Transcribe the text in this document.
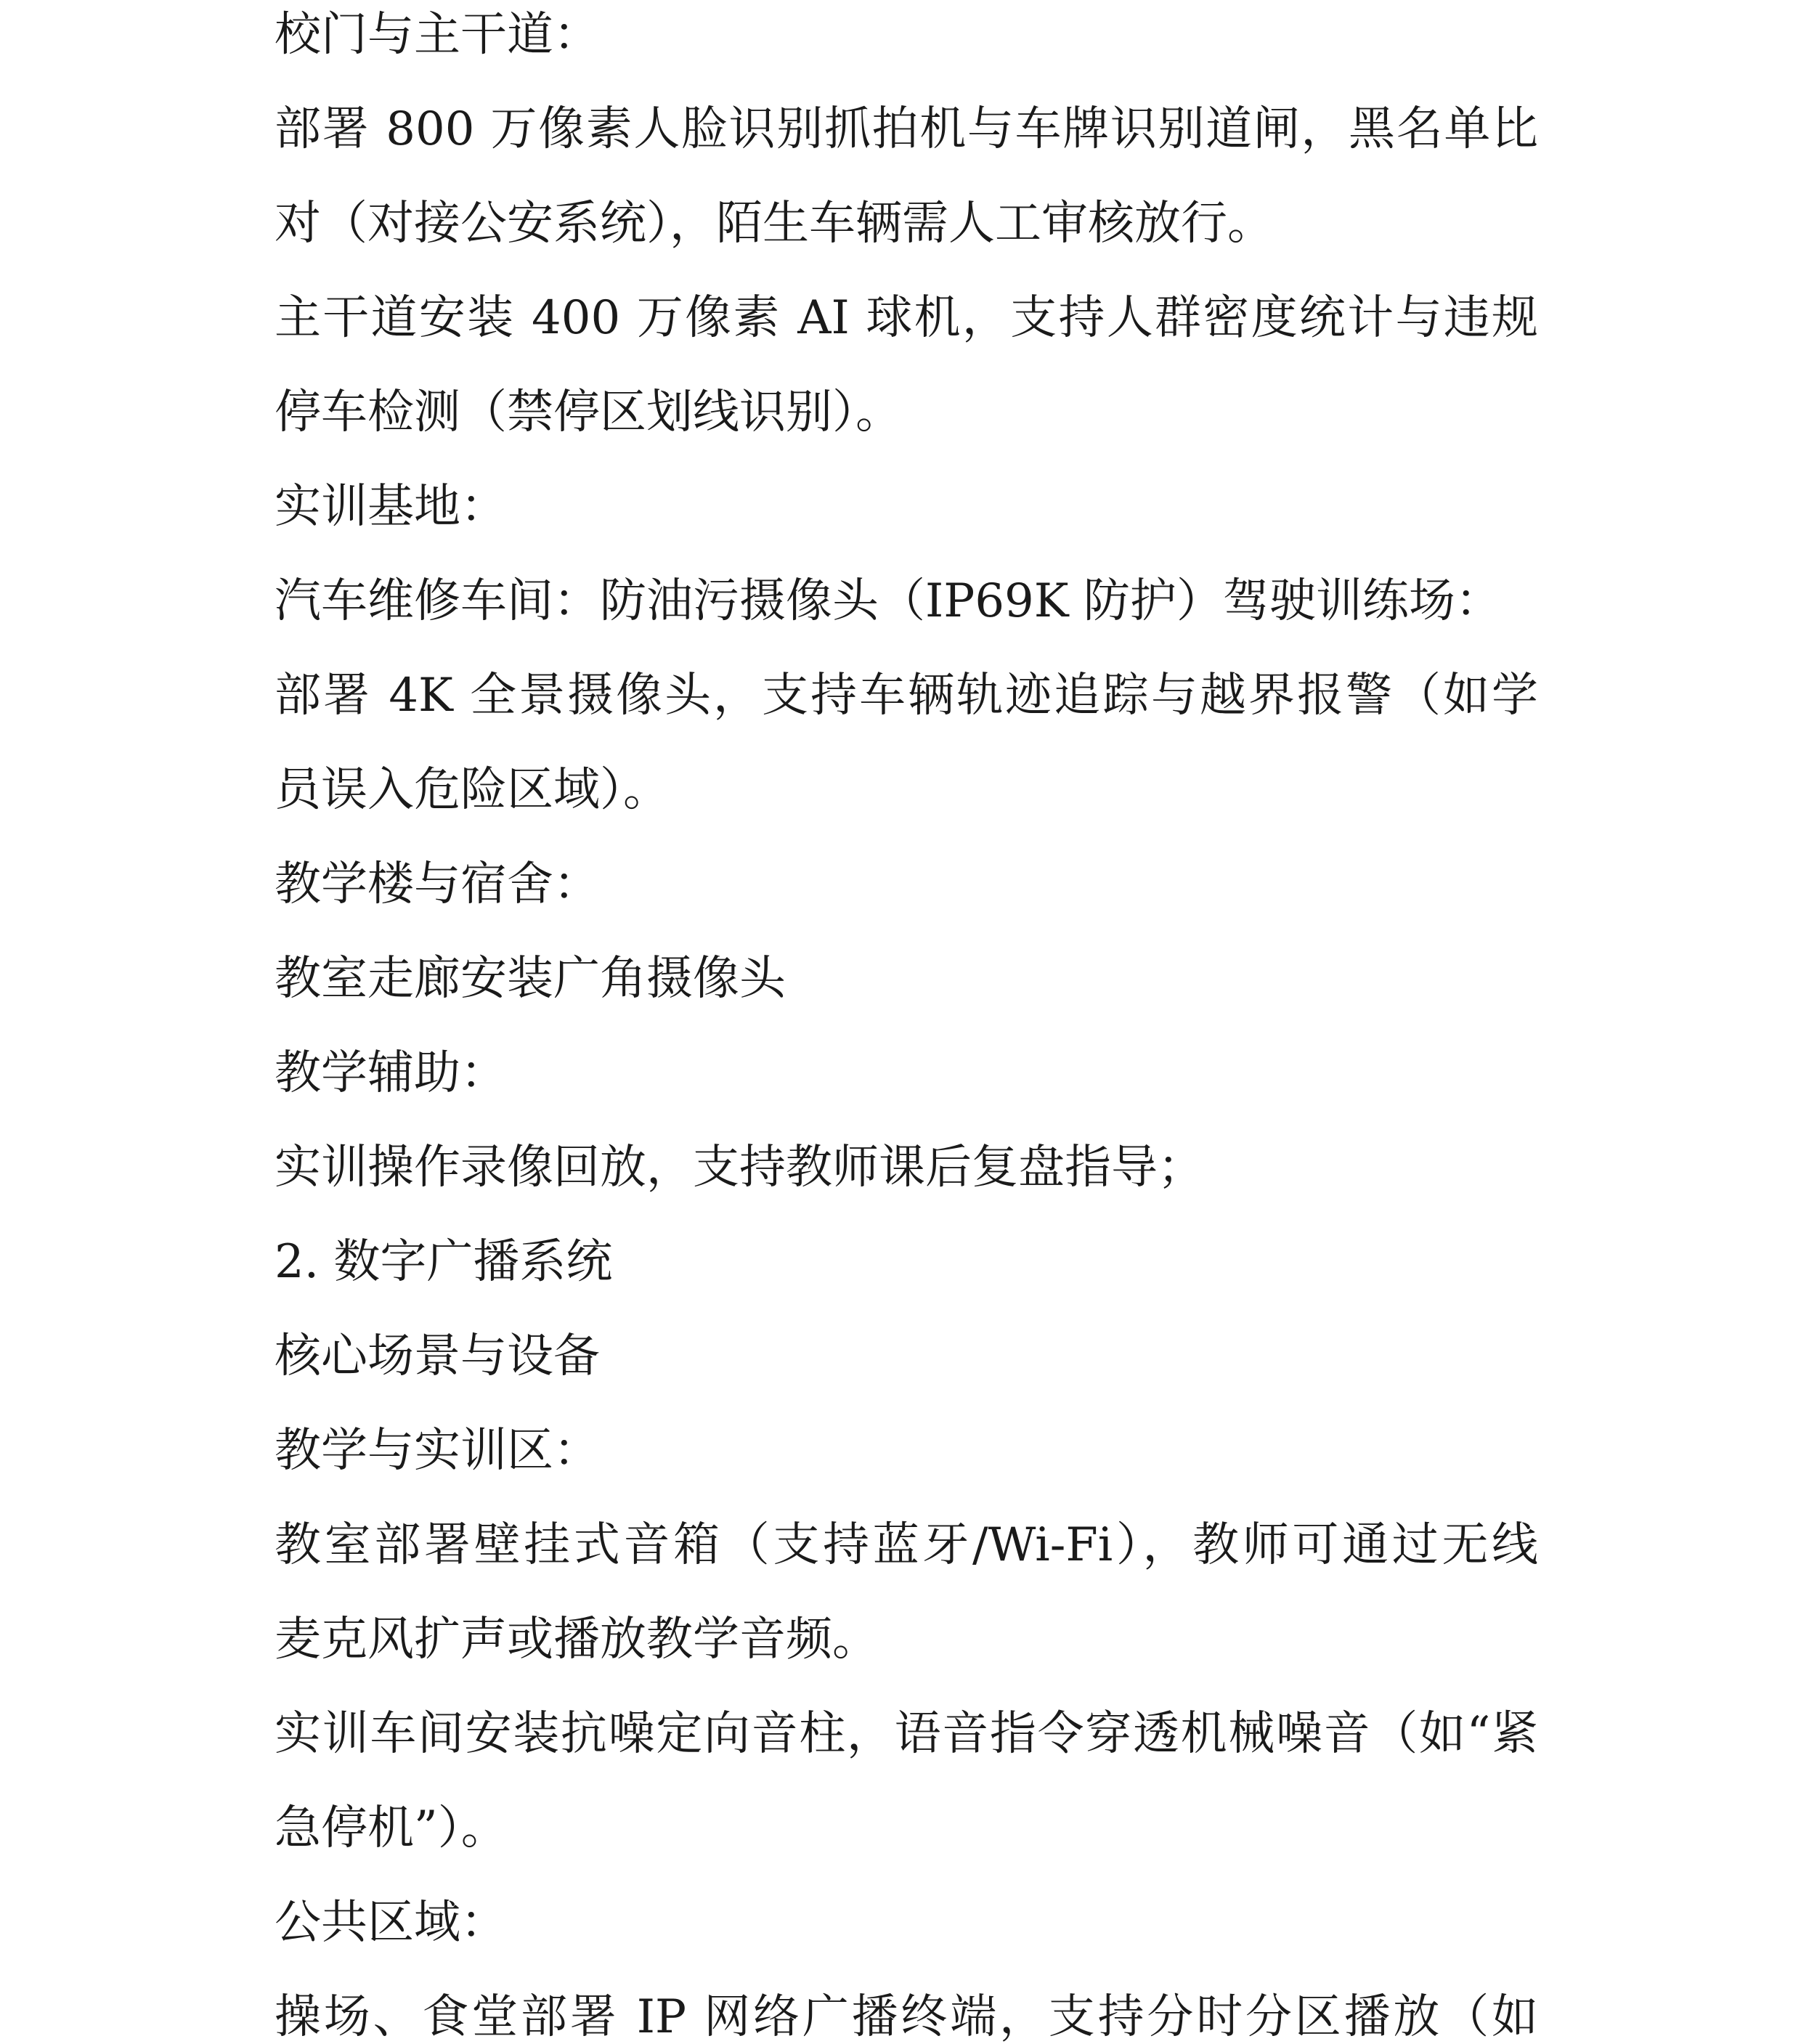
校门与主干道：
部署 800 万像素人脸识别抓拍机与车牌识别道闸，黑名单比
对（对接公安系统），陌生车辆需人工审核放行。
主干道安装 400 万像素 AI 球机，支持人群密度统计与违规
停车检测（禁停区划线识别）。
实训基地：
汽车维修车间：防油污摄像头（IP69K 防护）驾驶训练场：
部署 4K 全景摄像头，支持车辆轨迹追踪与越界报警（如学
员误入危险区域）。
教学楼与宿舍：
教室走廊安装广角摄像头
教学辅助：
实训操作录像回放，支持教师课后复盘指导；
2. 数字广播系统
核心场景与设备
教学与实训区：
教室部署壁挂式音箱（支持蓝牙/Wi-Fi），教师可通过无线
麦克风扩声或播放教学音频。
实训车间安装抗噪定向音柱，语音指令穿透机械噪音（如“紧
急停机”）。
公共区域：
操场、食堂部署 IP 网络广播终端，支持分时分区播放（如
